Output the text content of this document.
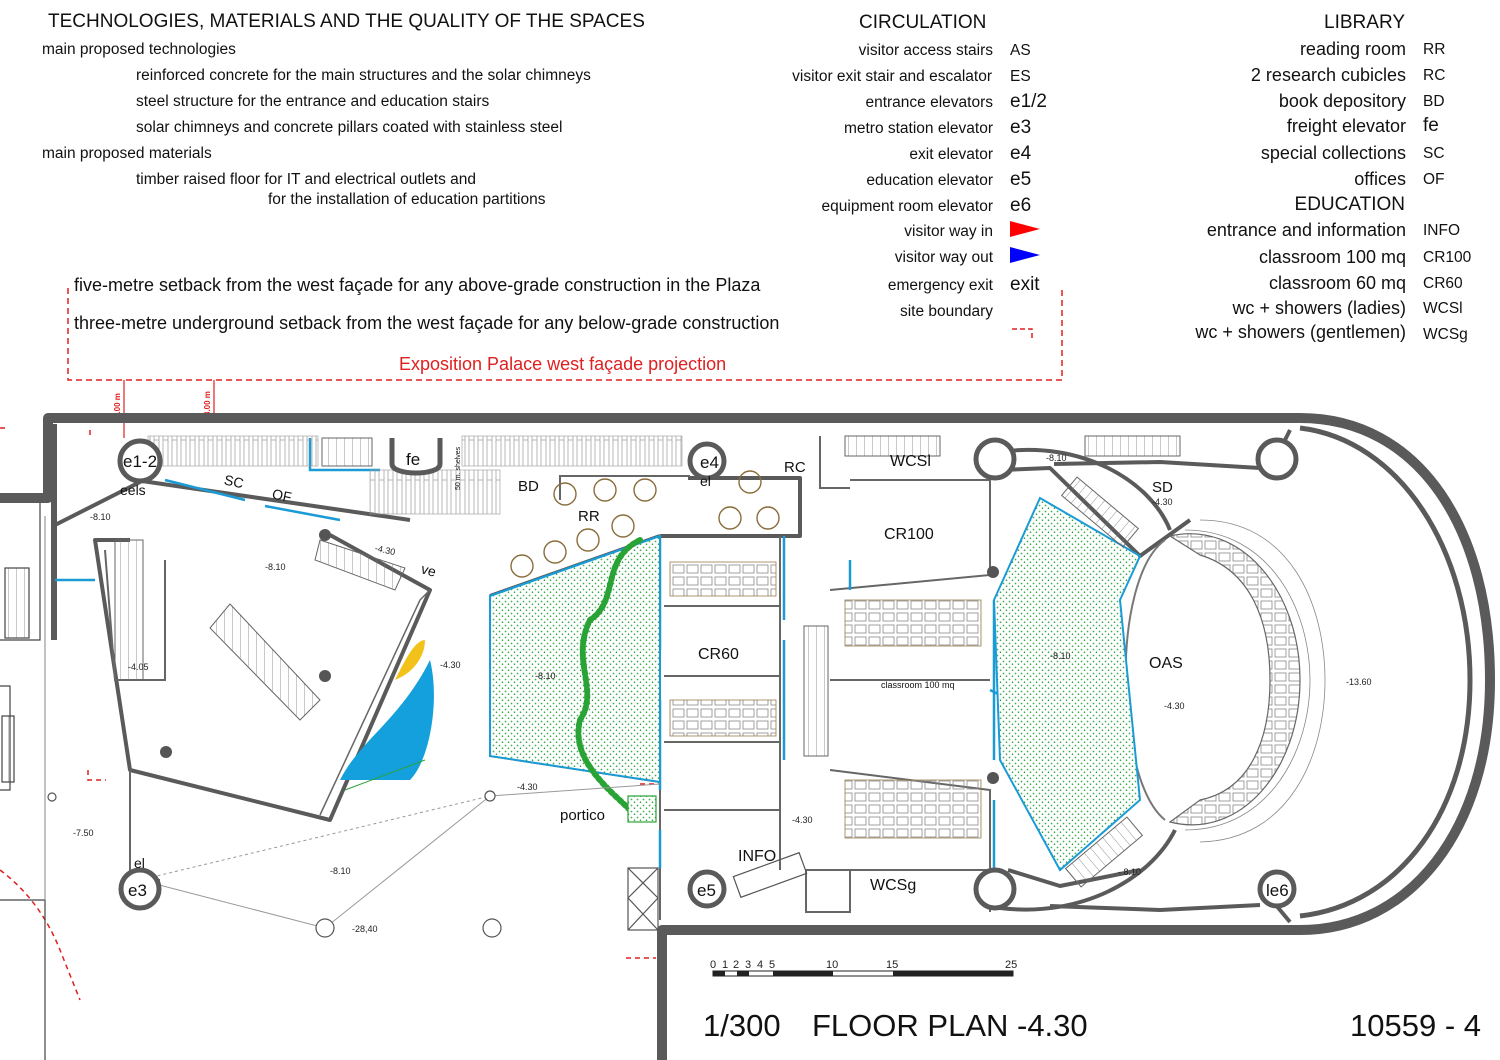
TECHNOLOGIES, MATERIALS AND THE QUALITY OF THE SPACES
main proposed technologies
reinforced concrete for the main structures and the solar chimneys
steel structure for the entrance and education stairs
solar chimneys and concrete pillars coated with stainless steel
main proposed materials
timber raised floor for IT and electrical outlets and
for the installation of education partitions
five-metre setback from the west façade for any above-grade construction in the Plaza
three-metre underground setback from the west façade for any below-grade construction
Exposition Palace west façade projection
CIRCULATION
visitor access stairs AS
visitor exit stair and escalator ES
entrance elevators e1/2
metro station elevator e3
exit elevator e4
education elevator e5
equipment room elevator e6
visitor way in
visitor way out
emergency exit exit
site boundary
LIBRARY
reading room RR
2 research cubicles RC
book depository BD
freight elevator fe
special collections SC
offices OF
EDUCATION
entrance and information INFO
classroom 100 mq CR100
classroom 60 mq CR60
wc + showers (ladies) WCSl
wc + showers (gentlemen) WCSg
1/300 FLOOR PLAN -4.30	10559 - 4
5.00 m	3.00 m
e1-2
eels	SC
OF
fe	50 m. shelves	BD
RR
e4
el
RC	WCSl
CR100
CR60
classroom 100 mq
SD
OAS
ve
portico
INFO
WCSg
e5	le6
e3
el
-8.10
-4.30
-8.10
-4.05	-4.30
-8.10
-4.30
-4.30
-8.10
-4.30
-8.10
-4.30
-13.60
- 8.10
-7.50
-8.10
-28,40
0 1 2 3 4 5	10	15	25
